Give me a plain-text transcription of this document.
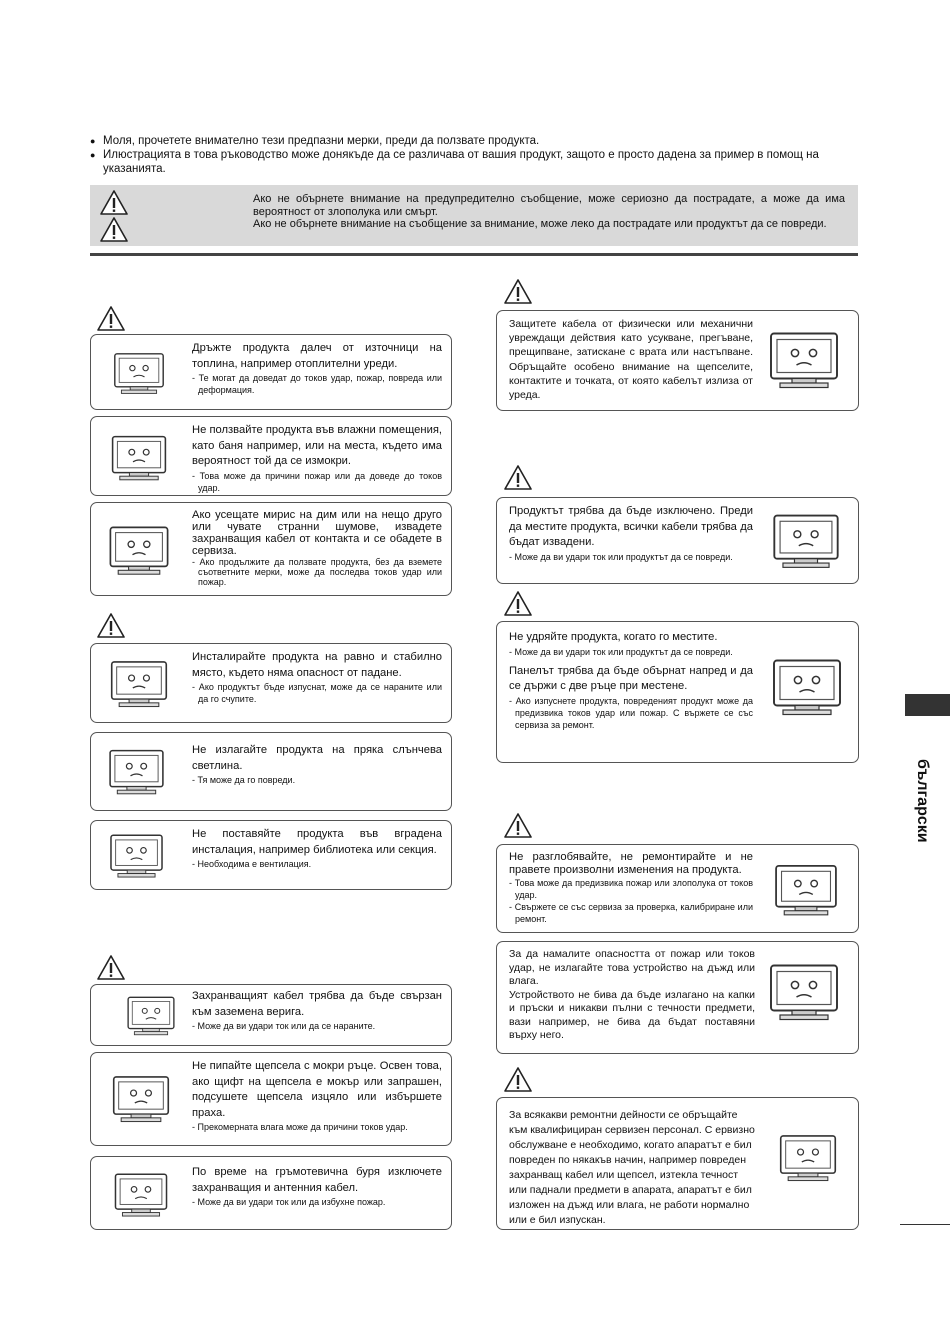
● Моля, прочетете внимателно тези предпазни мерки, преди да ползвате продукта.

● Илюстрацията в това ръководство може донякъде да се различава от вашия продукт, защото е просто дадена за пример в помощ на указанията.

Ако не обърнете внимание на предупредително съобщение, може сериозно да пострадате, а може да има вероятност от злополука или смърт.
Ако не обърнете внимание на съобщение за внимание, може леко да пострадате или продуктът да се повреди.

Дръжте продукта далеч от източници на топлина, например отоплителни уреди.

- Те могат да доведат до токов удар, пожар, повреда или деформация.

Не ползвайте продукта във влажни помещения, като баня например, или на места, където има вероятност той да се измокри.

- Това може да причини пожар или да доведе до токов удар.

Ако усещате мирис на дим или на нещо друго или чувате странни шумове, извадете захранващия кабел от контакта и се обадете в сервиза.

- Ако продължите да ползвате продукта, без да вземете съответните мерки, може да последва токов удар или пожар.

Инсталирайте продукта на равно и стабилно място, където няма опасност от падане.

- Ако продуктът бъде изпуснат, може да се нараните или да го счупите.

Не излагайте продукта на пряка слънчева светлина.

- Тя може да го повреди.

Не поставяйте продукта във вградена инсталация, например библиотека или секция.

- Необходима е вентилация.

Захранващият кабел трябва да бъде свързан към заземена верига.

- Може да ви удари ток или да се нараните.

Не пипайте щепсела с мокри ръце. Освен това, ако щифт на щепсела е мокър или запрашен, подсушете щепсела изцяло или избършете праха.

- Прекомерната влага може да причини токов удар.

По време на гръмотевична буря изключете захранващия и антенния кабел.

- Може да ви удари ток или да избухне пожар.

Защитете кабела от физически или механични увреждащи действия като усукване, прегъване, прещипване, затискане с врата или настъпване. Обръщайте особено внимание на щепселите, контактите и точката, от която кабелът излиза от уреда.

Продуктът трябва да бъде изключено. Преди да местите продукта, всички кабели трябва да бъдат извадени.

- Може да ви удари ток или продуктът да се повреди.

Не удряйте продукта, когато го местите.

- Може да ви удари ток или продуктът да се повреди.

Панелът трябва да бъде обърнат напред и да се държи с две ръце при местене.

- Ако изпуснете продукта, повреденият продукт може да предизвика токов удар или пожар. С вържете се със сервиза за ремонт.

Не разглобявайте, не ремонтирайте и не правете произволни изменения на продукта.

- Това може да предизвика пожар или злополука от токов удар.

- Свържете се със сервиза за проверка, калибриране или ремонт.

За да намалите опасността от пожар или токов удар, не излагайте това устройство на дъжд или влага.

Устройството не бива да бъде излагано на капки и пръски и никакви пълни с течности предмети, вази например, не бива да бъдат поставяни върху него.

За всякакви ремонтни дейности се обръщайте към квалифициран сервизен персонал. С ервизно обслужване е необходимо, когато апаратът е бил повреден по някакъв начин, например повреден захранващ кабел или щепсел, изтекла течност или паднали предмети в апарата, апаратът е бил изложен на дъжд или влага, не работи нормално или е бил изпускан.

български
